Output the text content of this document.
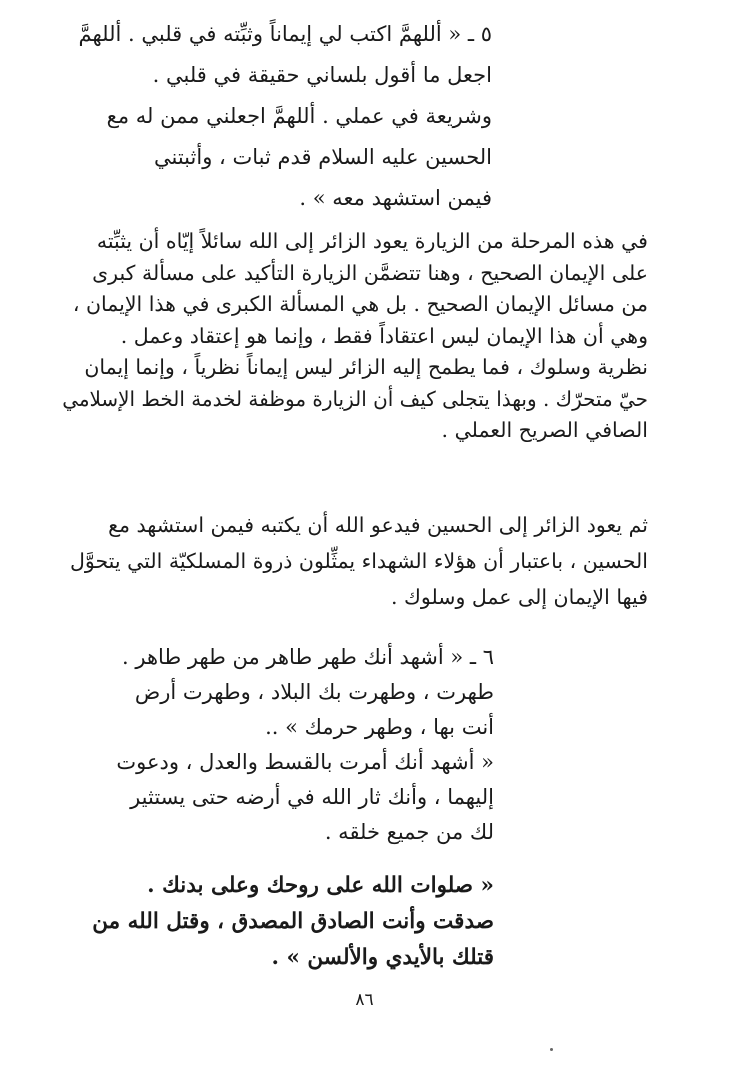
٥ ـ « أللهمَّ اكتب لي إيماناً وثبِّته في قلبي . أللهمَّ
اجعل ما أقول بلساني حقيقة في قلبي .
وشريعة في عملي . أللهمَّ اجعلني ممن له مع
الحسين عليه السلام قدم ثبات ، وأثبتني
فيمن استشهد معه » .
في هذه المرحلة من الزيارة يعود الزائر إلى الله سائلاً إيّاه أن يثبِّته
على الإيمان الصحيح ، وهنا تتضمَّن الزيارة التأكيد على مسألة كبرى
من مسائل الإيمان الصحيح . بل هي المسألة الكبرى في هذا الإيمان ،
وهي أن هذا الإيمان ليس اعتقاداً فقط ، وإنما هو إعتقاد وعمل .
نظرية وسلوك ، فما يطمح إليه الزائر ليس إيماناً نظرياً ، وإنما إيمان
حيّ متحرّك . وبهذا يتجلى كيف أن الزيارة موظفة لخدمة الخط الإسلامي
الصافي الصريح العملي .
ثم يعود الزائر إلى الحسين فيدعو الله أن يكتبه فيمن استشهد مع
الحسين ، باعتبار أن هؤلاء الشهداء يمثِّلون ذروة المسلكيّة التي يتحوَّل
فيها الإيمان إلى عمل وسلوك .
٦ ـ « أشهد أنك طهر طاهر من طهر طاهر .
طهرت ، وطهرت بك البلاد ، وطهرت أرض
أنت بها ، وطهر حرمك » ..
« أشهد أنك أمرت بالقسط والعدل ، ودعوت
إليهما ، وأنك ثار الله في أرضه حتى يستثير
لك من جميع خلقه .
« صلوات الله على روحك وعلى بدنك .
صدقت وأنت الصادق المصدق ، وقتل الله من
قتلك بالأيدي والألسن » .
٨٦
